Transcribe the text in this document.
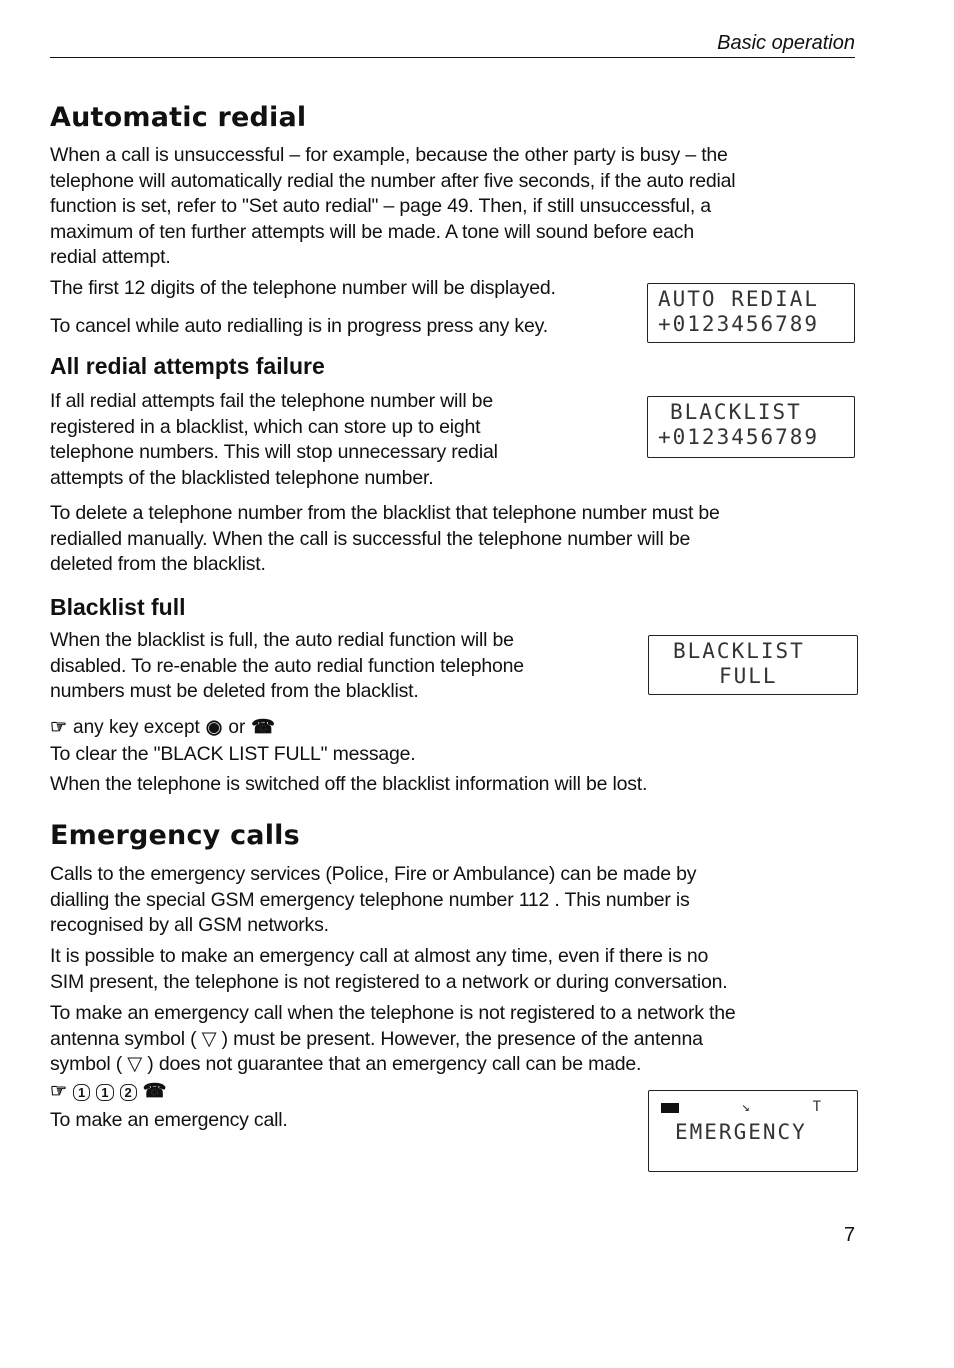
Basic operation
Automatic redial

When a call is unsuccessful – for example, because the other party is busy – the

telephone will automatically redial the number after five seconds, if the auto redial

function is set, refer to "Set auto redial" – page 49. Then, if still unsuccessful, a

maximum of ten further attempts will be made. A tone will sound before each

redial attempt.

The first 12 digits of the telephone number will be displayed.

To cancel while auto redialling is in progress press any key.

AUTO REDIAL
+0123456789
All redial attempts failure

If all redial attempts fail the telephone number will be

registered in a blacklist, which can store up to eight

telephone numbers. This will stop unnecessary redial

attempts of the blacklisted telephone number.

BLACKLIST
+0123456789

To delete a telephone number from the blacklist that telephone number must be

redialled manually. When the call is successful the telephone number will be

deleted from the blacklist.

Blacklist full

When the blacklist is full, the auto redial function will be

disabled. To re-enable the auto redial function telephone

numbers must be deleted from the blacklist.

BLACKLIST
FULL
☞ any key except ◉ or ☎

To clear the "BLACK LIST FULL" message.

When the telephone is switched off the blacklist information will be lost.

Emergency calls

Calls to the emergency services (Police, Fire or Ambulance) can be made by

dialling the special GSM emergency telephone number 112 . This number is

recognised by all GSM networks.

It is possible to make an emergency call at almost any time, even if there is no

SIM present, the telephone is not registered to a network or during conversation.

To make an emergency call when the telephone is not registered to a network the

antenna symbol ( ▽ ) must be present. However, the presence of the antenna

symbol ( ▽ ) does not guarantee that an emergency call can be made.

☞ 1	1	2 ☎

To make an emergency call.

↘	T
EMERGENCY
7
